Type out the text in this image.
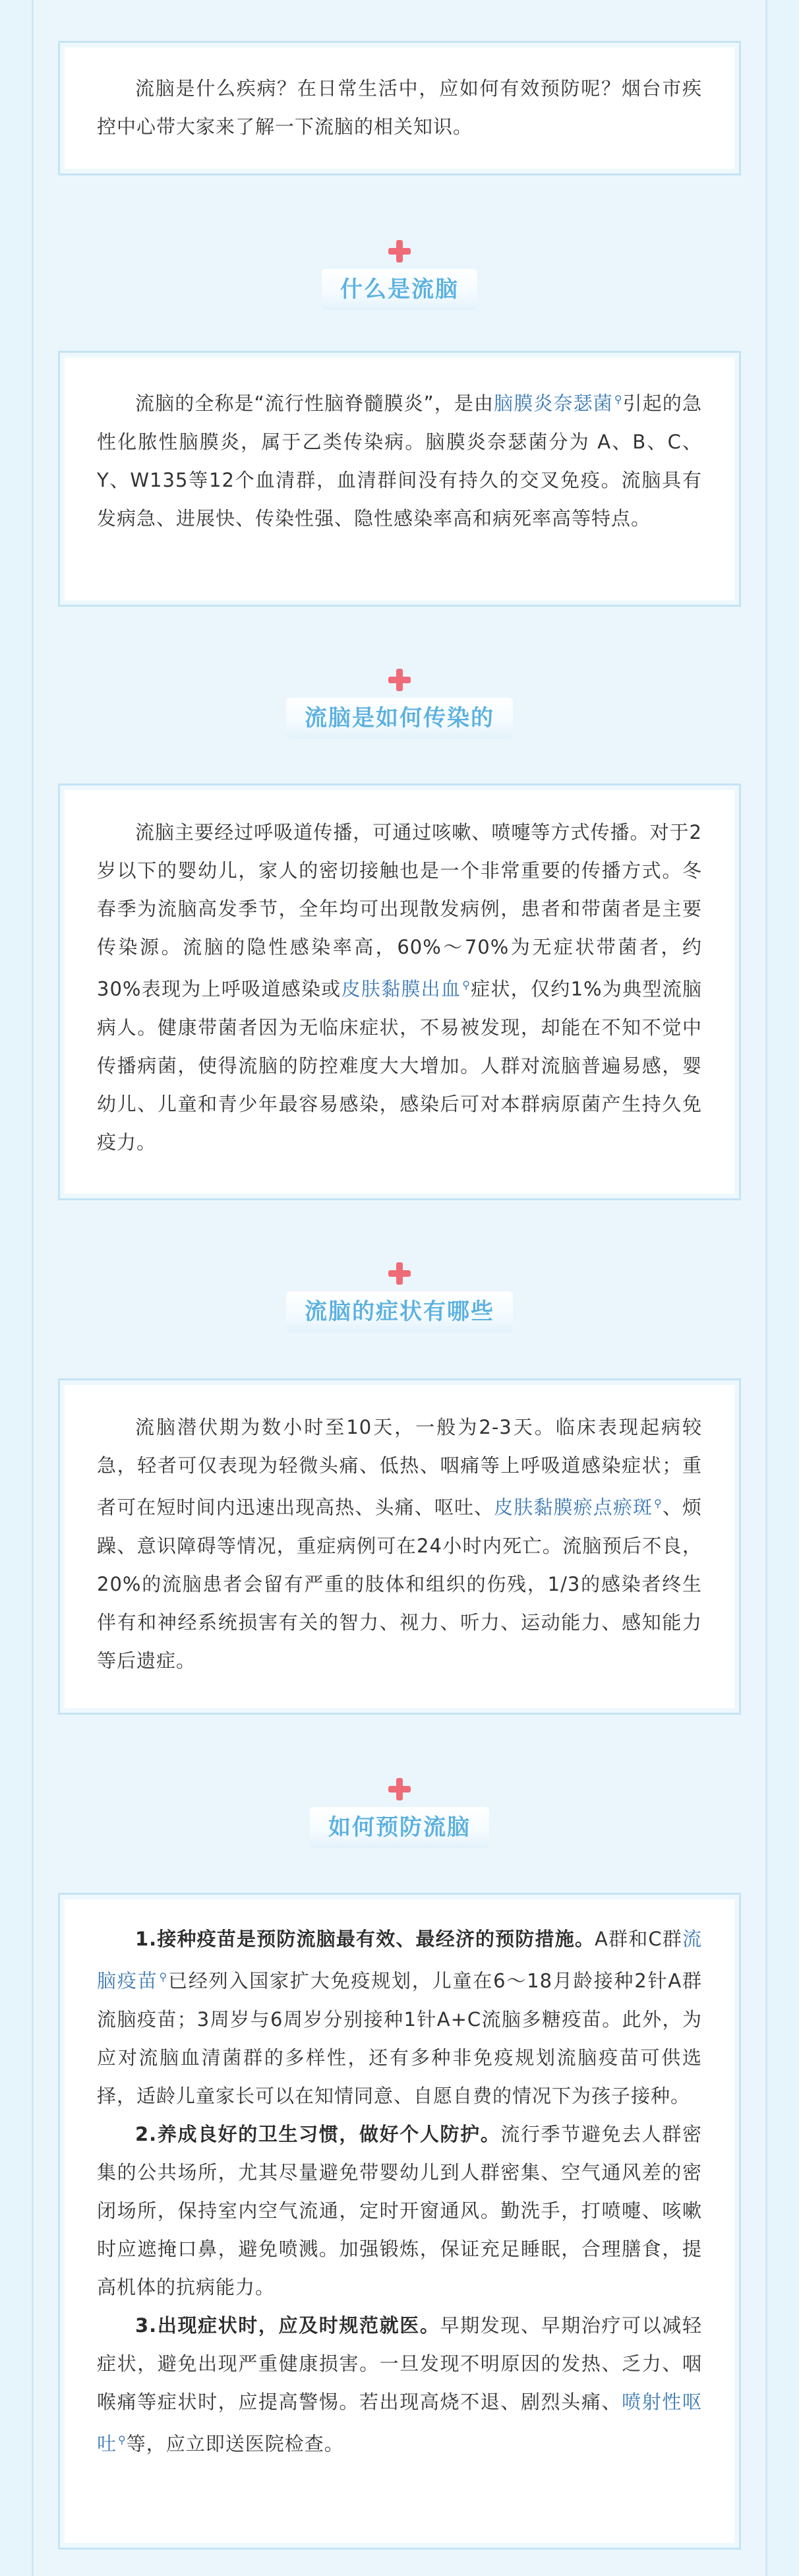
流脑是什么疾病？在日常生活中，应如何有效预防呢？烟台市疾控中心带大家来了解一下流脑的相关知识。

什么是流脑

流脑的全称是“流行性脑脊髓膜炎”，是由脑膜炎奈瑟菌 ⚲引起的急性化脓性脑膜炎，属于乙类传染病。脑膜炎奈瑟菌分为 A、B、C、Y、W135等12个血清群，血清群间没有持久的交叉免疫。流脑具有发病急、进展快、传染性强、隐性感染率高和病死率高等特点。

流脑是如何传染的

流脑主要经过呼吸道传播，可通过咳嗽、喷嚏等方式传播。对于2岁以下的婴幼儿，家人的密切接触也是一个非常重要的传播方式。冬春季为流脑高发季节，全年均可出现散发病例，患者和带菌者是主要传染源。流脑的隐性感染率高，60%～70%为无症状带菌者，约30%表现为上呼吸道感染或皮肤黏膜出血 ⚲症状，仅约1%为典型流脑病人。健康带菌者因为无临床症状，不易被发现，却能在不知不觉中传播病菌，使得流脑的防控难度大大增加。人群对流脑普遍易感，婴幼儿、儿童和青少年最容易感染，感染后可对本群病原菌产生持久免疫力。

流脑的症状有哪些

流脑潜伏期为数小时至10天，一般为2-3天。临床表现起病较急，轻者可仅表现为轻微头痛、低热、咽痛等上呼吸道感染症状；重者可在短时间内迅速出现高热、头痛、呕吐、皮肤黏膜瘀点瘀斑 ⚲、烦躁、意识障碍等情况，重症病例可在24小时内死亡。流脑预后不良，20%的流脑患者会留有严重的肢体和组织的伤残，1/3的感染者终生伴有和神经系统损害有关的智力、视力、听力、运动能力、感知能力等后遗症。

如何预防流脑

1.接种疫苗是预防流脑最有效、最经济的预防措施。A群和C群流脑疫苗 ⚲已经列入国家扩大免疫规划，儿童在6～18月龄接种2针A群流脑疫苗；3周岁与6周岁分别接种1针A+C流脑多糖疫苗。此外，为应对流脑血清菌群的多样性，还有多种非免疫规划流脑疫苗可供选择，适龄儿童家长可以在知情同意、自愿自费的情况下为孩子接种。

2.养成良好的卫生习惯，做好个人防护。流行季节避免去人群密集的公共场所，尤其尽量避免带婴幼儿到人群密集、空气通风差的密闭场所，保持室内空气流通，定时开窗通风。勤洗手，打喷嚏、咳嗽时应遮掩口鼻，避免喷溅。加强锻炼，保证充足睡眠，合理膳食，提高机体的抗病能力。

3.出现症状时，应及时规范就医。早期发现、早期治疗可以减轻症状，避免出现严重健康损害。一旦发现不明原因的发热、乏力、咽喉痛等症状时，应提高警惕。若出现高烧不退、剧烈头痛、喷射性呕吐 ⚲等，应立即送医院检查。
